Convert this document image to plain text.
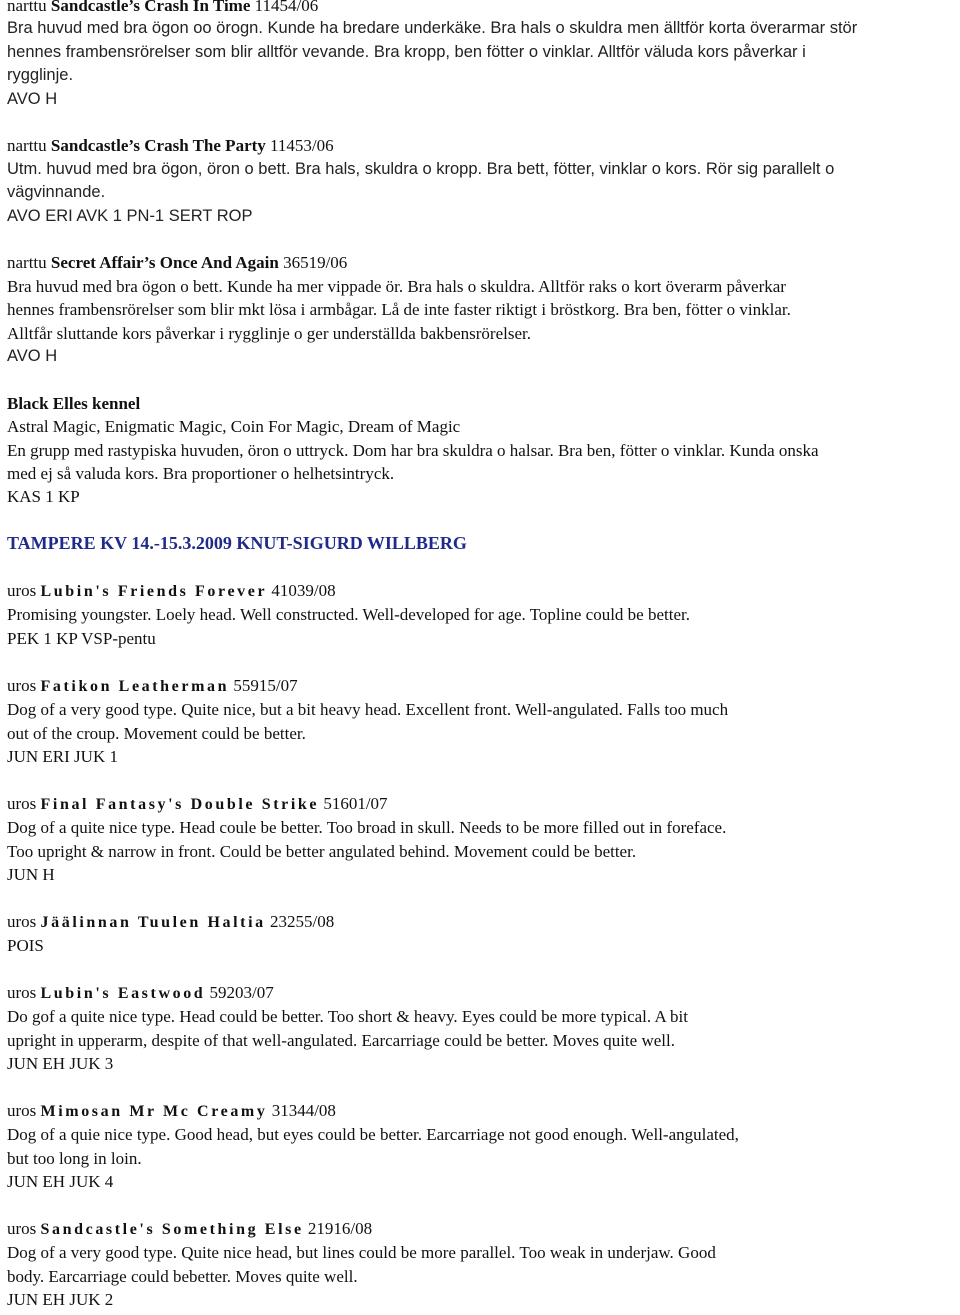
narttu Sandcastle’s Crash In Time 11454/06
Bra huvud med bra ögon oo örogn. Kunde ha bredare underkäke. Bra hals o skuldra men älltför korta överarmar stör
hennes frambensrörelser som blir alltför vevande. Bra kropp, ben fötter o vinklar. Alltför väluda kors påverkar i
rygglinje.
AVO H
narttu Sandcastle’s Crash The Party 11453/06
Utm. huvud med bra ögon, öron o bett. Bra hals, skuldra o kropp. Bra bett, fötter, vinklar o kors. Rör sig parallelt o
vägvinnande.
AVO ERI AVK 1 PN-1 SERT ROP
narttu Secret Affair’s Once And Again 36519/06
Bra huvud med bra ögon o bett. Kunde ha mer vippade ör. Bra hals o skuldra. Alltför raks o kort överarm påverkar
hennes frambensrörelser som blir mkt lösa i armbågar. Lå de inte faster riktigt i bröstkorg. Bra ben, fötter o vinklar.
Alltfår sluttande kors påverkar i rygglinje o ger underställda bakbensrörelser.
AVO H
Black Elles kennel
Astral Magic, Enigmatic Magic, Coin For Magic, Dream of Magic
En grupp med rastypiska huvuden, öron o uttryck. Dom har bra skuldra o halsar. Bra ben, fötter o vinklar. Kunda onska
med ej så valuda kors. Bra proportioner o helhetsintryck.
KAS 1 KP
TAMPERE KV 14.-15.3.2009 KNUT-SIGURD WILLBERG
uros Lubin's Friends Forever 41039/08
Promising youngster. Loely head. Well constructed. Well-developed for age. Topline could be better.
PEK 1 KP VSP-pentu
uros Fatikon Leatherman 55915/07
Dog of a very good type. Quite nice, but a bit heavy head. Excellent front. Well-angulated. Falls too much
out of the croup. Movement could be better.
JUN ERI JUK 1
uros Final Fantasy's Double Strike 51601/07
Dog of a quite nice type. Head coule be better. Too broad in skull. Needs to be more filled out in foreface.
Too upright & narrow in front. Could be better angulated behind. Movement could be better.
JUN H
uros Jäälinnan Tuulen Haltia 23255/08
POIS
uros Lubin's Eastwood 59203/07
Do gof a quite nice type. Head could be better. Too short & heavy. Eyes could be more typical. A bit
upright in upperarm, despite of that well-angulated. Earcarriage could be better. Moves quite well.
JUN EH JUK 3
uros Mimosan Mr Mc Creamy 31344/08
Dog of a quie nice type. Good head, but eyes could be better. Earcarriage not good enough. Well-angulated,
but too long in loin.
JUN EH JUK 4
uros Sandcastle's Something Else 21916/08
Dog of a very good type. Quite nice head, but lines could be more parallel. Too weak in underjaw. Good
body. Earcarriage could bebetter. Moves quite well.
JUN EH JUK 2
